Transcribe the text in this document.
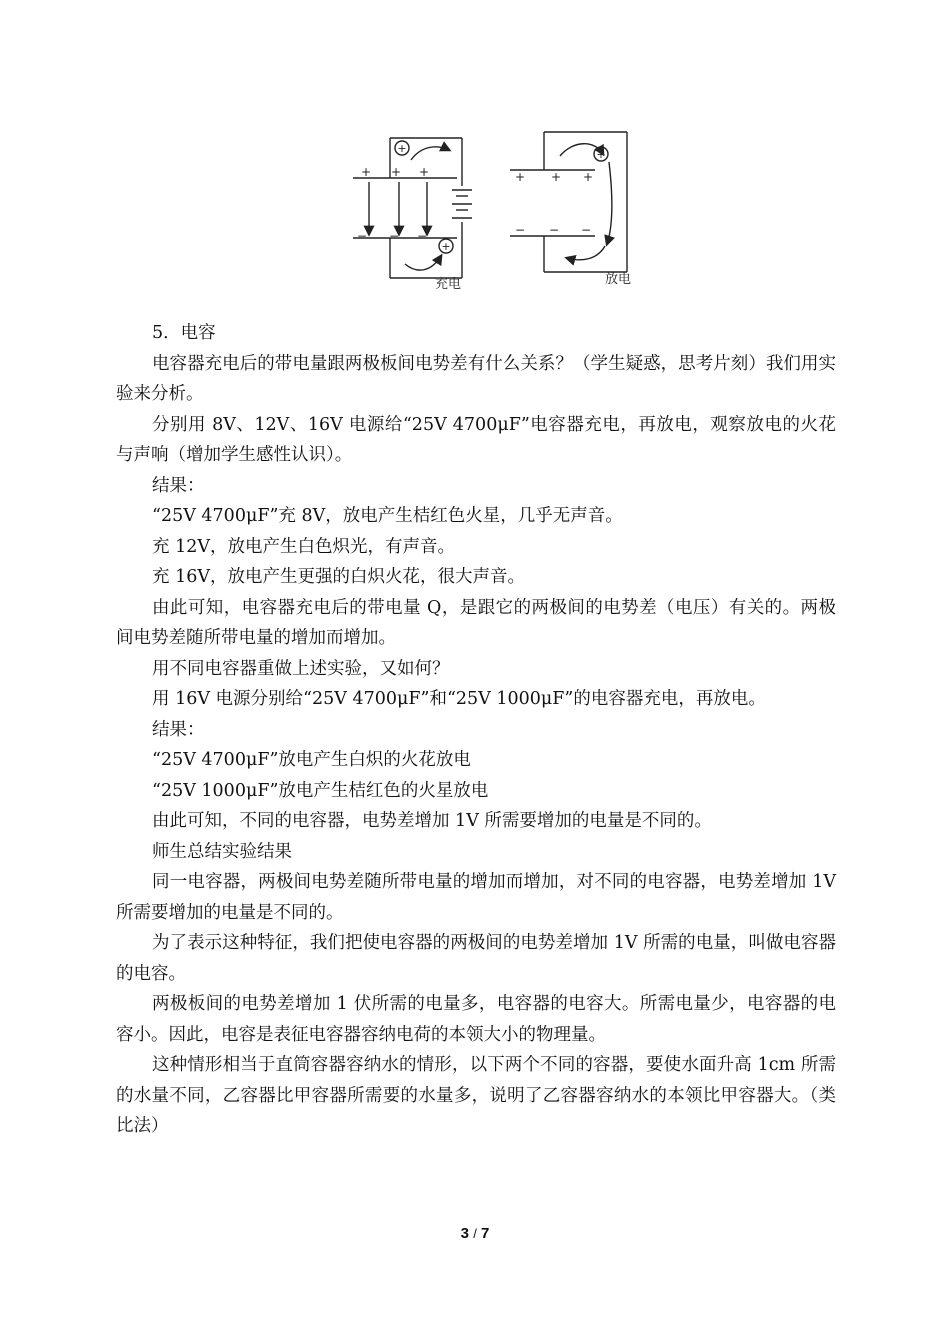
+
+
+ + +
− − −
充电
+
+ + +
− − −
放电

5．电容

电容器充电后的带电量跟两极板间电势差有什么关系？（学生疑惑，思考片刻）我们用实验来分析。

分别用 8V、12V、16V 电源给“25V 4700μF”电容器充电，再放电，观察放电的火花与声响（增加学生感性认识）。

结果：

“25V 4700μF”充 8V，放电产生桔红色火星，几乎无声音。

充 12V，放电产生白色炽光，有声音。

充 16V，放电产生更强的白炽火花，很大声音。

由此可知，电容器充电后的带电量 Q，是跟它的两极间的电势差（电压）有关的。两极间电势差随所带电量的增加而增加。

用不同电容器重做上述实验，又如何？

用 16V 电源分别给“25V 4700μF”和“25V 1000μF”的电容器充电，再放电。

结果：

“25V 4700μF”放电产生白炽的火花放电

“25V 1000μF”放电产生桔红色的火星放电

由此可知，不同的电容器，电势差增加 1V 所需要增加的电量是不同的。

师生总结实验结果

同一电容器，两极间电势差随所带电量的增加而增加，对不同的电容器，电势差增加 1V 所需要增加的电量是不同的。

为了表示这种特征，我们把使电容器的两极间的电势差增加 1V 所需的电量，叫做电容器的电容。

两极板间的电势差增加 1 伏所需的电量多，电容器的电容大。所需电量少，电容器的电容小。因此，电容是表征电容器容纳电荷的本领大小的物理量。

这种情形相当于直筒容器容纳水的情形，以下两个不同的容器，要使水面升高 1cm 所需的水量不同，乙容器比甲容器所需要的水量多，说明了乙容器容纳水的本领比甲容器大。（类比法）

3 / 7
